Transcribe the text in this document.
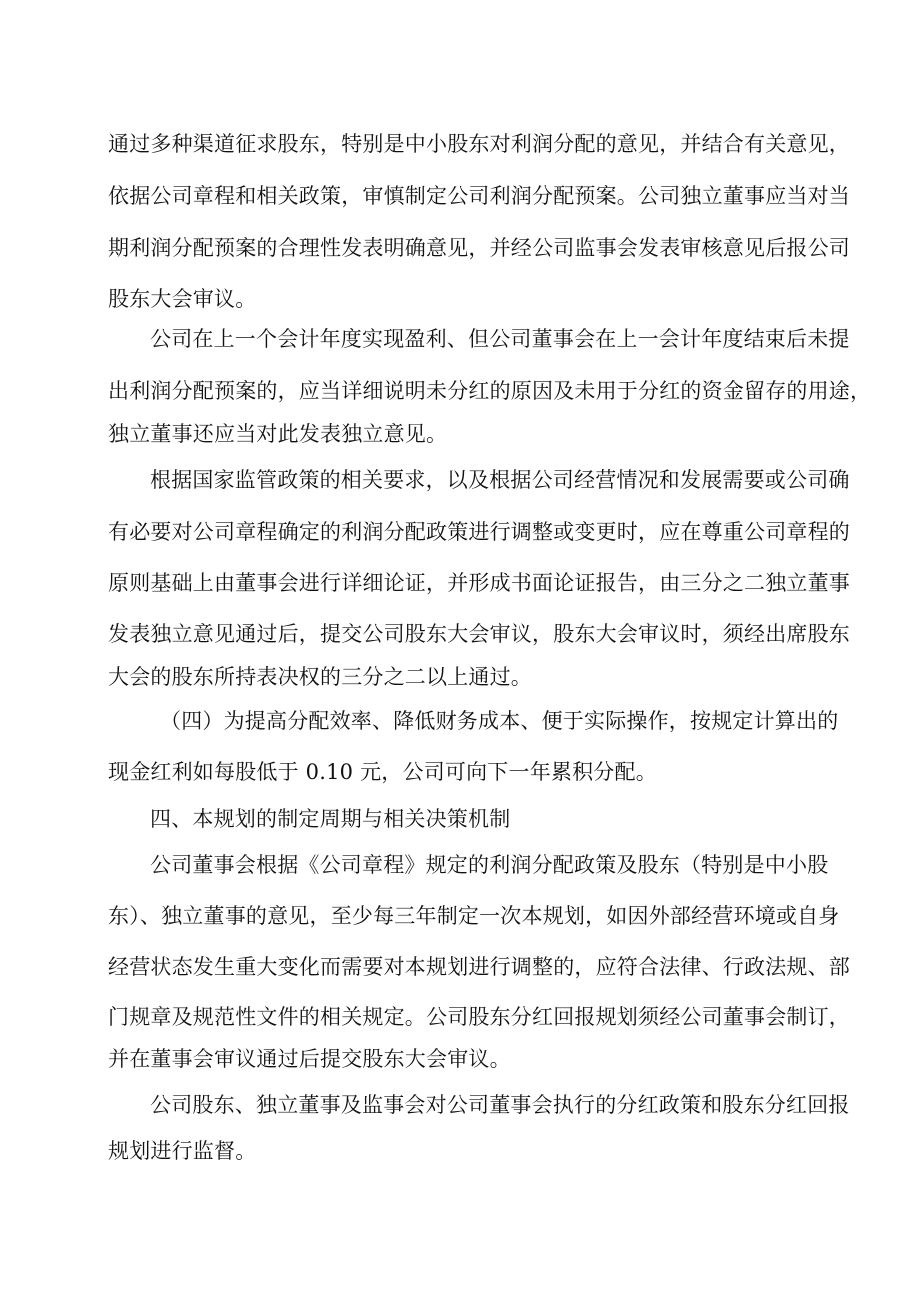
通过多种渠道征求股东，特别是中小股东对利润分配的意见，并结合有关意见，

依据公司章程和相关政策，审慎制定公司利润分配预案。公司独立董事应当对当

期利润分配预案的合理性发表明确意见，并经公司监事会发表审核意见后报公司

股东大会审议。

公司在上一个会计年度实现盈利、但公司董事会在上一会计年度结束后未提

出利润分配预案的，应当详细说明未分红的原因及未用于分红的资金留存的用途，

独立董事还应当对此发表独立意见。

根据国家监管政策的相关要求，以及根据公司经营情况和发展需要或公司确

有必要对公司章程确定的利润分配政策进行调整或变更时，应在尊重公司章程的

原则基础上由董事会进行详细论证，并形成书面论证报告，由三分之二独立董事

发表独立意见通过后，提交公司股东大会审议，股东大会审议时，须经出席股东

大会的股东所持表决权的三分之二以上通过。

（四）为提高分配效率、降低财务成本、便于实际操作，按规定计算出的

现金红利如每股低于 0.10 元，公司可向下一年累积分配。

四、本规划的制定周期与相关决策机制

公司董事会根据《公司章程》规定的利润分配政策及股东（特别是中小股

东）、独立董事的意见，至少每三年制定一次本规划，如因外部经营环境或自身

经营状态发生重大变化而需要对本规划进行调整的，应符合法律、行政法规、部

门规章及规范性文件的相关规定。公司股东分红回报规划须经公司董事会制订，

并在董事会审议通过后提交股东大会审议。

公司股东、独立董事及监事会对公司董事会执行的分红政策和股东分红回报

规划进行监督。
